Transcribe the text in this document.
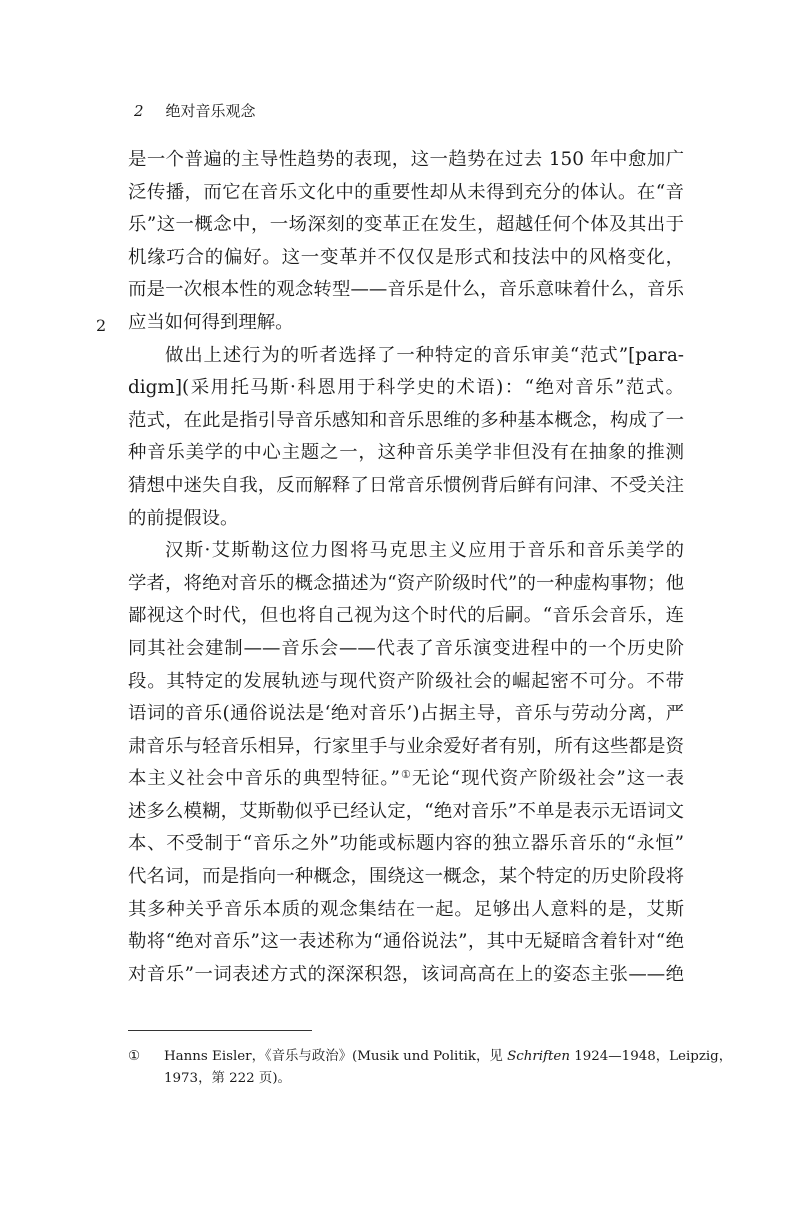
2 绝对音乐观念
2
是一个普遍的主导性趋势的表现，这一趋势在过去 150 年中愈加广
泛传播，而它在音乐文化中的重要性却从未得到充分的体认。在“音
乐”这一概念中，一场深刻的变革正在发生，超越任何个体及其出于
机缘巧合的偏好。这一变革并不仅仅是形式和技法中的风格变化，
而是一次根本性的观念转型——音乐是什么，音乐意味着什么，音乐
应当如何得到理解。
做出上述行为的听者选择了一种特定的音乐审美“范式”[para-
digm](采用托马斯·科恩用于科学史的术语)：“绝对音乐”范式。
范式，在此是指引导音乐感知和音乐思维的多种基本概念，构成了一
种音乐美学的中心主题之一，这种音乐美学非但没有在抽象的推测
猜想中迷失自我，反而解释了日常音乐惯例背后鲜有问津、不受关注
的前提假设。
汉斯·艾斯勒这位力图将马克思主义应用于音乐和音乐美学的
学者，将绝对音乐的概念描述为“资产阶级时代”的一种虚构事物；他
鄙视这个时代，但也将自己视为这个时代的后嗣。“音乐会音乐，连
同其社会建制——音乐会——代表了音乐演变进程中的一个历史阶
段。其特定的发展轨迹与现代资产阶级社会的崛起密不可分。不带
语词的音乐(通俗说法是‘绝对音乐’)占据主导，音乐与劳动分离，严
肃音乐与轻音乐相异，行家里手与业余爱好者有别，所有这些都是资
本主义社会中音乐的典型特征。”①无论“现代资产阶级社会”这一表
述多么模糊，艾斯勒似乎已经认定，“绝对音乐”不单是表示无语词文
本、不受制于“音乐之外”功能或标题内容的独立器乐音乐的“永恒”
代名词，而是指向一种概念，围绕这一概念，某个特定的历史阶段将
其多种关乎音乐本质的观念集结在一起。足够出人意料的是，艾斯
勒将“绝对音乐”这一表述称为“通俗说法”，其中无疑暗含着针对“绝
对音乐”一词表述方式的深深积怨，该词高高在上的姿态主张——绝
①	Hanns Eisler，《音乐与政治》(Musik und Politik，见 Schriften 1924—1948，Leipzig，
1973，第 222 页)。
